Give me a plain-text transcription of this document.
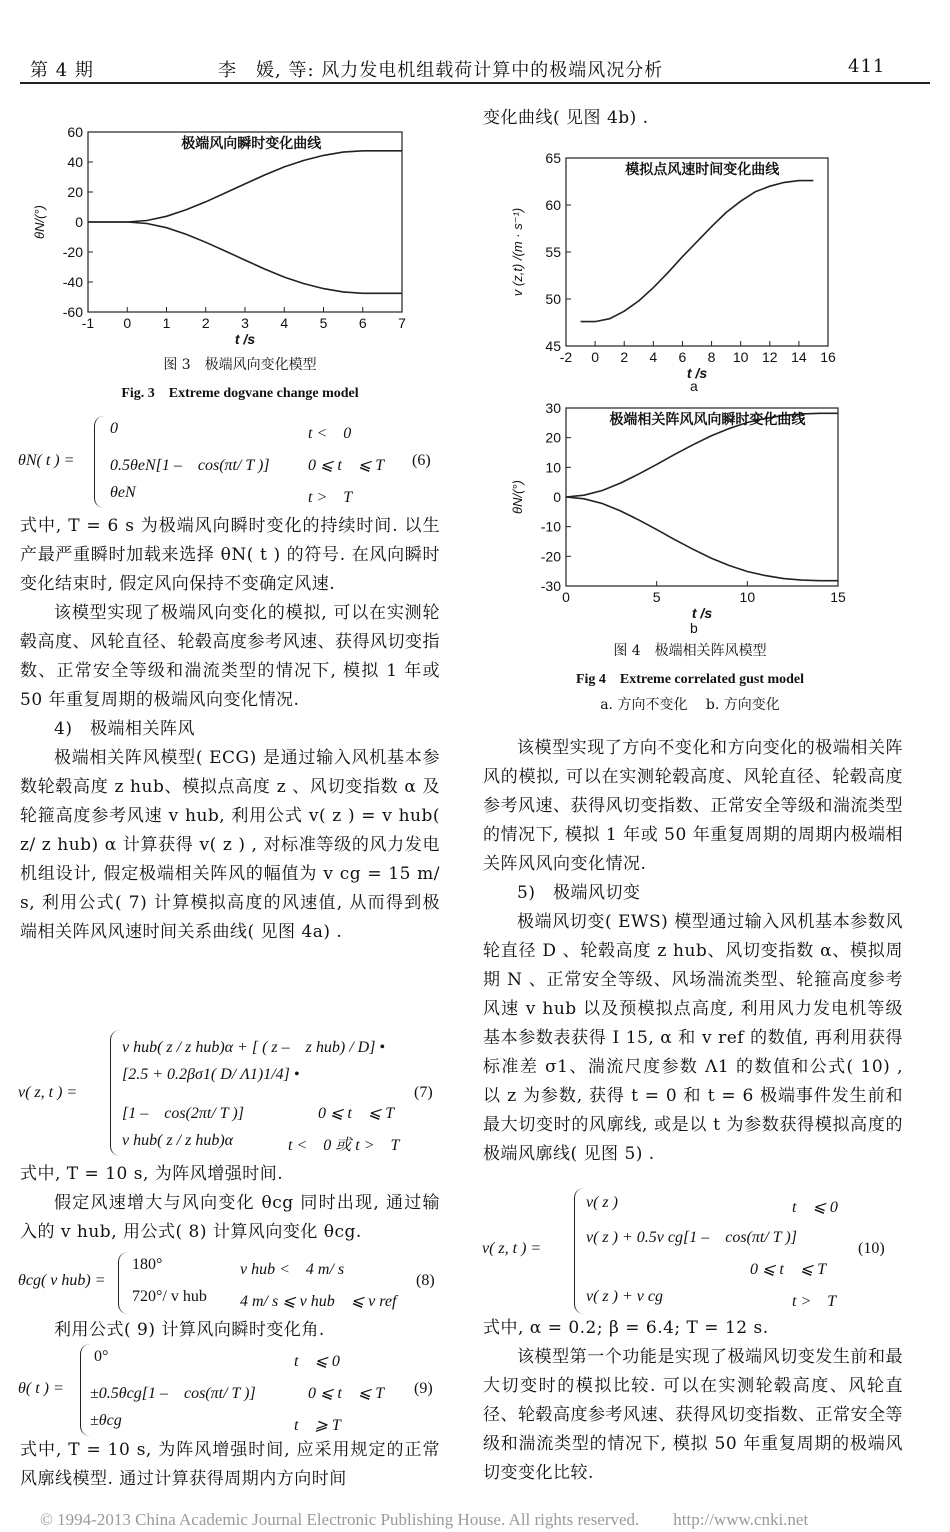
第 4 期	李　媛, 等: 风力发电机组载荷计算中的极端风况分析	411
-1 0 1 2 3 4 5 6 7
60
40
20
0
-20
-40
-60
极端风向瞬时变化曲线
t /s
θN/(°)
图 3　极端风向变化模型
Fig. 3　Extreme dogvane change model
θN( t ) =
0	t <　0
0.5θeN[1 –　cos(πt/ T )] 0 ⩽ t　⩽ T
θeN	t >　T
(6)

式中, T = 6 s 为极端风向瞬时变化的持续时间. 以生产最严重瞬时加载来选择 θN( t ) 的符号. 在风向瞬时变化结束时, 假定风向保持不变确定风速.

该模型实现了极端风向变化的模拟, 可以在实测轮毂高度、风轮直径、轮毂高度参考风速、获得风切变指数、正常安全等级和湍流类型的情况下, 模拟 1 年或 50 年重复周期的极端风向变化情况.

4)　极端相关阵风

极端相关阵风模型( ECG) 是通过输入风机基本参数轮毂高度 z hub、模拟点高度 z 、风切变指数 α 及轮箍高度参考风速 v hub, 利用公式 v( z ) = v hub( z/ z hub) α 计算获得 v( z ) , 对标准等级的风力发电机组设计, 假定极端相关阵风的幅值为 v cg = 15 m/ s, 利用公式( 7) 计算模拟高度的风速值, 从而得到极端相关阵风风速时间关系曲线( 见图 4a) .

v( z, t ) =
v hub( z / z hub)α + [ ( z –　z hub) / D] •
[2.5 + 0.2βσ1( D/ Λ1)1/4] •
[1 –　cos(2πt/ T )]	0 ⩽ t　⩽ T
v hub( z / z hub)α	t <　0 或 t >　T
(7)

式中, T = 10 s, 为阵风增强时间.

假定风速增大与风向变化 θcg 同时出现, 通过输入的 v hub, 用公式( 8) 计算风向变化 θcg.

θcg( v hub) =
180°	v hub <　4 m/ s
720°/ v hub 4 m/ s ⩽ v hub　⩽ v ref
(8)

利用公式( 9) 计算风向瞬时变化角.

θ( t ) =
0°	t　⩽ 0
±0.5θcg[1 –　cos(πt/ T )]	0 ⩽ t　⩽ T
±θcg	t　⩾ T
(9)

式中, T = 10 s, 为阵风增强时间, 应采用规定的正常风廓线模型. 通过计算获得周期内方向时间

变化曲线( 见图 4b) .
-2 0 2 4 6 8 10 12 14 16
65
60
55
50
45
模拟点风速时间变化曲线
t /s
v (z,t) /(m · s⁻¹)
a
0	5	10	15
30
20
10
0
-10
-20
-30
极端相关阵风风向瞬时变化曲线
t /s
θN/(°)
b
图 4　极端相关阵风模型
Fig 4　Extreme correlated gust model
a. 方向不变化　 b. 方向变化

该模型实现了方向不变化和方向变化的极端相关阵风的模拟, 可以在实测轮毂高度、风轮直径、轮毂高度参考风速、获得风切变指数、正常安全等级和湍流类型的情况下, 模拟 1 年或 50 年重复周期的周期内极端相关阵风风向变化情况.

5)　极端风切变

极端风切变( EWS) 模型通过输入风机基本参数风轮直径 D 、轮毂高度 z hub、风切变指数 α、模拟周期 N 、正常安全等级、风场湍流类型、轮箍高度参考风速 v hub 以及预模拟点高度, 利用风力发电机等级基本参数表获得 I 15, α 和 v ref 的数值, 再利用获得标准差 σ1、湍流尺度参数 Λ1 的数值和公式( 10) , 以 z 为参数, 获得 t = 0 和 t = 6 极端事件发生前和最大切变时的风廓线, 或是以 t 为参数获得模拟高度的极端风廓线( 见图 5) .

v( z, t ) =
v( z )	t　⩽ 0
v( z ) + 0.5v cg[1 –　cos(πt/ T )]
0 ⩽ t　⩽ T
v( z ) + v cg	t >　T
(10)

式中, α = 0.2; β = 6.4; T = 12 s.

该模型第一个功能是实现了极端风切变发生前和最大切变时的模拟比较. 可以在实测轮毂高度、风轮直径、轮毂高度参考风速、获得风切变指数、正常安全等级和湍流类型的情况下, 模拟 50 年重复周期的极端风切变变化比较.

© 1994-2013 China Academic Journal Electronic Publishing House. All rights reserved.　　http://www.cnki.net
